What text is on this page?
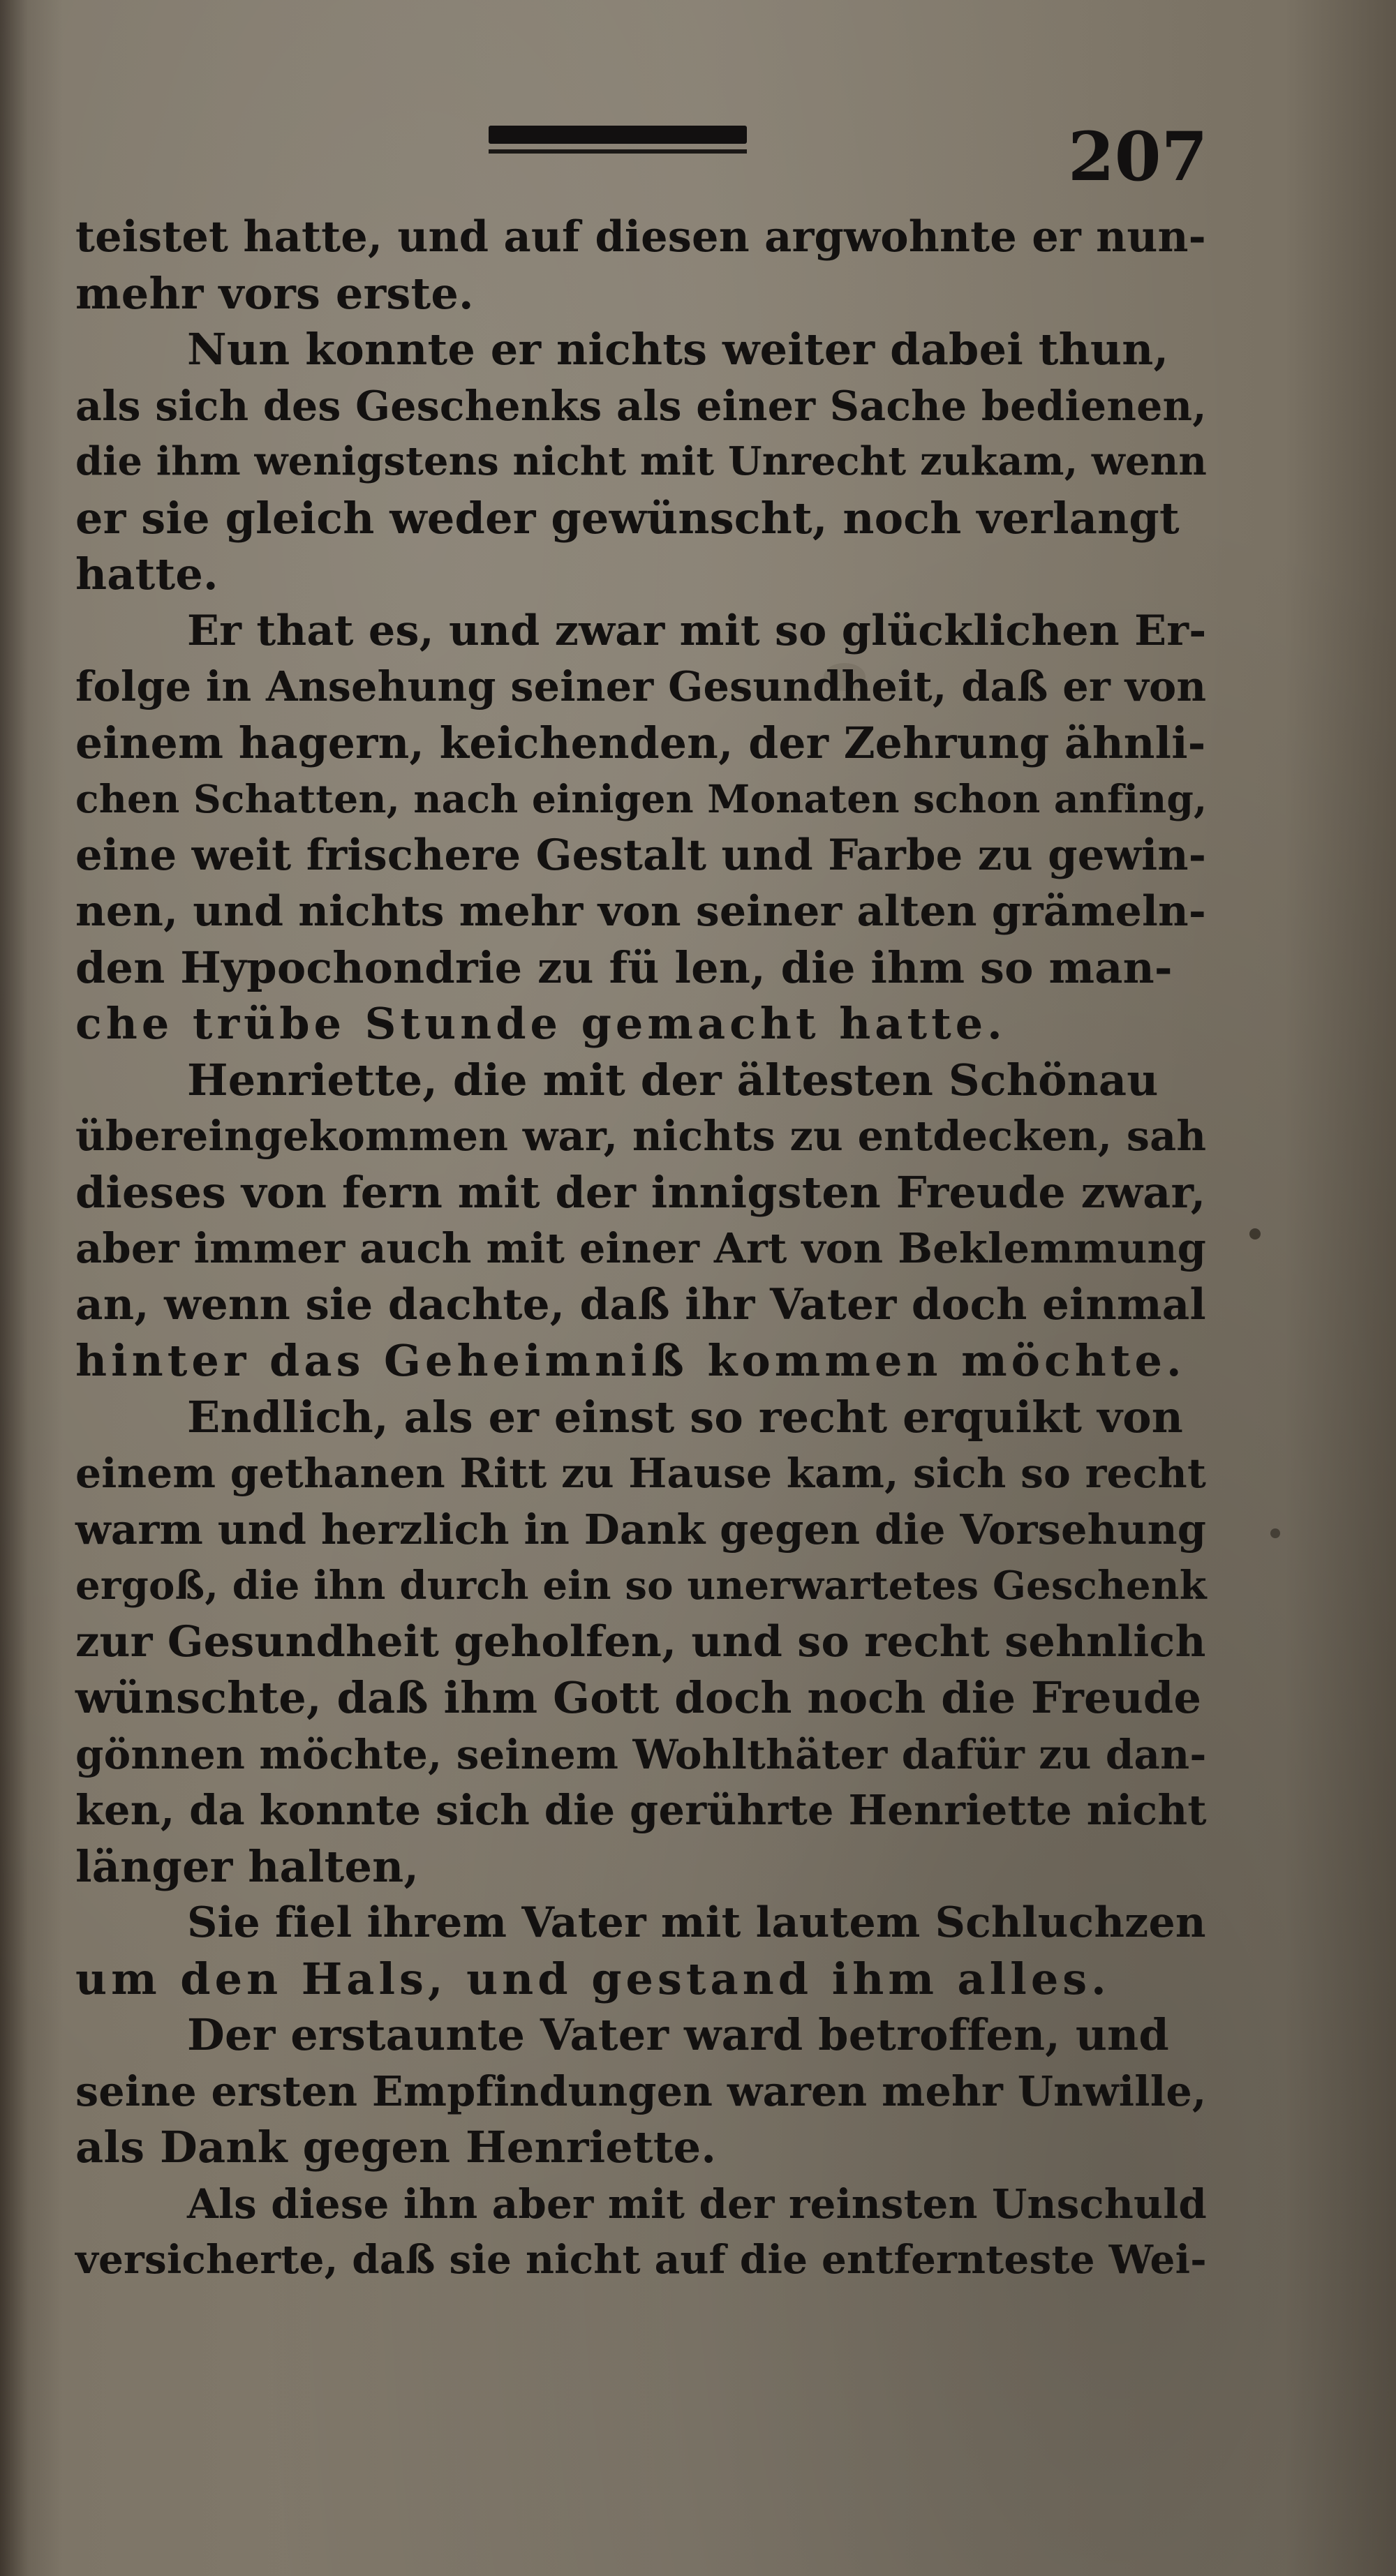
207

teistet hatte, und auf diesen argwohnte er nun-
mehr vors erste.
Nun konnte er nichts weiter dabei thun,
als sich des Geschenks als einer Sache bedienen,
die ihm wenigstens nicht mit Unrecht zukam, wenn
er sie gleich weder gewünscht, noch verlangt
hatte.
Er that es, und zwar mit so glücklichen Er-
folge in Ansehung seiner Gesundheit, daß er von
einem hagern, keichenden, der Zehrung ähnli-
chen Schatten, nach einigen Monaten schon anfing,
eine weit frischere Gestalt und Farbe zu gewin-
nen, und nichts mehr von seiner alten grämeln-
den Hypochondrie zu fü len, die ihm so man-
che trübe Stunde gemacht hatte.
Henriette, die mit der ältesten Schönau
übereingekommen war, nichts zu entdecken, sah
dieses von fern mit der innigsten Freude zwar,
aber immer auch mit einer Art von Beklemmung
an, wenn sie dachte, daß ihr Vater doch einmal
hinter das Geheimniß kommen möchte.
Endlich, als er einst so recht erquikt von
einem gethanen Ritt zu Hause kam, sich so recht
warm und herzlich in Dank gegen die Vorsehung
ergoß, die ihn durch ein so unerwartetes Geschenk
zur Gesundheit geholfen, und so recht sehnlich
wünschte, daß ihm Gott doch noch die Freude
gönnen möchte, seinem Wohlthäter dafür zu dan-
ken, da konnte sich die gerührte Henriette nicht
länger halten,
Sie fiel ihrem Vater mit lautem Schluchzen
um den Hals, und gestand ihm alles.
Der erstaunte Vater ward betroffen, und
seine ersten Empfindungen waren mehr Unwille,
als Dank gegen Henriette.
Als diese ihn aber mit der reinsten Unschuld
versicherte, daß sie nicht auf die entfernteste Wei-
